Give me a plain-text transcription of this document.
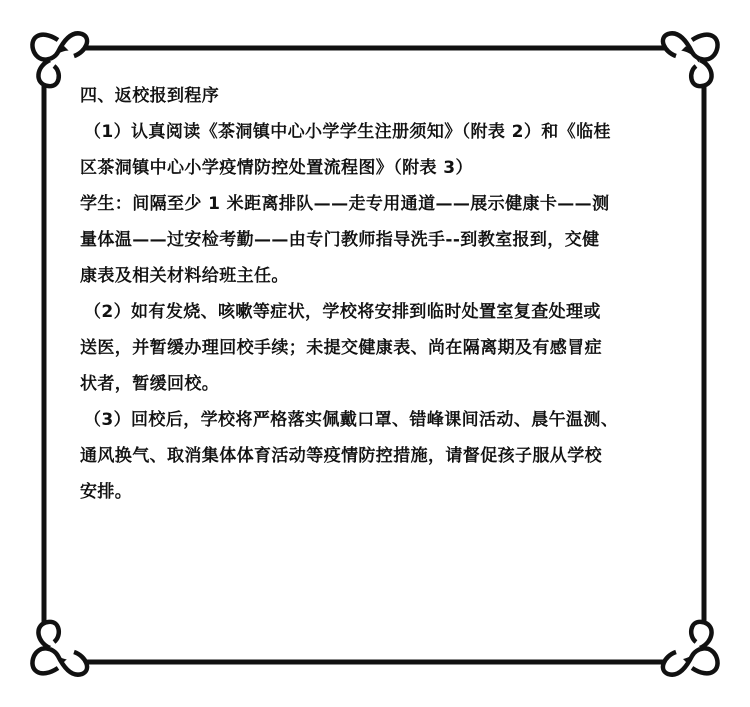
四、返校报到程序
（1）认真阅读《茶洞镇中心小学学生注册须知》（附表 2）和《临桂
区茶洞镇中心小学疫情防控处置流程图》（附表 3）
学生：间隔至少 1 米距离排队——走专用通道——展示健康卡——测
量体温——过安检考勤——由专门教师指导洗手--到教室报到，交健
康表及相关材料给班主任。
（2）如有发烧、咳嗽等症状，学校将安排到临时处置室复查处理或
送医，并暂缓办理回校手续；未提交健康表、尚在隔离期及有感冒症
状者，暂缓回校。
（3）回校后，学校将严格落实佩戴口罩、错峰课间活动、晨午温测、
通风换气、取消集体体育活动等疫情防控措施，请督促孩子服从学校
安排。
